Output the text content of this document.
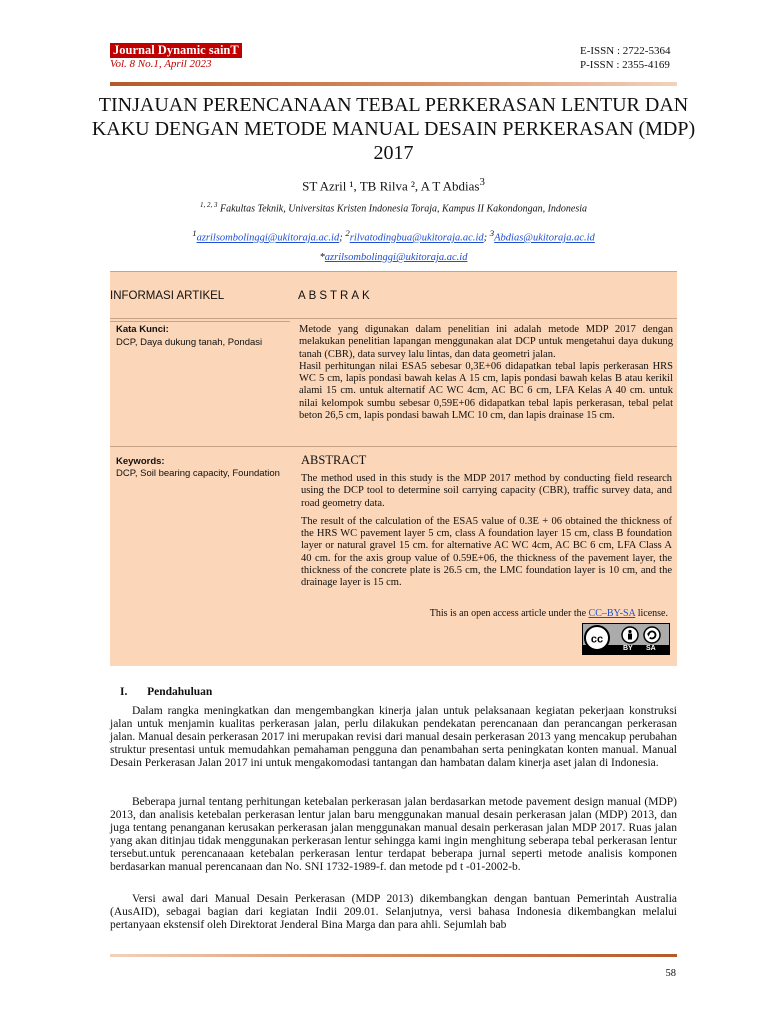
Journal Dynamic sainT
Vol. 8 No.1, April 2023
E-ISSN : 2722-5364
P-ISSN : 2355-4169
TINJAUAN PERENCANAAN TEBAL PERKERASAN LENTUR DAN KAKU DENGAN METODE MANUAL DESAIN PERKERASAN (MDP) 2017
ST Azril ¹, TB Rilva ², A T Abdias$^3$
$^{1, 2, 3}$ Fakultas Teknik, Universitas Kristen Indonesia Toraja, Kampus II Kakondongan, Indonesia
$^1$azrilsombolinggi@ukitoraja.ac.id; $^2$rilvatodingbua@ukitoraja.ac.id; $^3$Abdias@ukitoraja.ac.id
*azrilsombolinggi@ukitoraja.ac.id
INFORMASI ARTIKEL	ABSTRAK
Kata Kunci:
DCP, Daya dukung tanah, Pondasi
Metode yang digunakan dalam penelitian ini adalah metode MDP 2017 dengan melakukan penelitian lapangan menggunakan alat DCP untuk mengetahui daya dukung tanah (CBR), data survey lalu lintas, dan data geometri jalan.
Hasil perhitungan nilai ESA5 sebesar 0,3E+06 didapatkan tebal lapis perkerasan HRS WC 5 cm, lapis pondasi bawah kelas A 15 cm, lapis pondasi bawah kelas B atau kerikil alami 15 cm. untuk alternatif AC WC 4cm, AC BC 6 cm, LFA Kelas A 40 cm. untuk nilai kelompok sumbu sebesar 0,59E+06 didapatkan tebal lapis perkerasan, tebal pelat beton 26,5 cm, lapis pondasi bawah LMC 10 cm, dan lapis drainase 15 cm.
Keywords:
DCP, Soil bearing capacity, Foundation
ABSTRACT
The method used in this study is the MDP 2017 method by conducting field research using the DCP tool to determine soil carrying capacity (CBR), traffic survey data, and road geometry data.
The result of the calculation of the ESA5 value of 0.3E + 06 obtained the thickness of the HRS WC pavement layer 5 cm, class A foundation layer 15 cm, class B foundation layer or natural gravel 15 cm. for alternative AC WC 4cm, AC BC 6 cm, LFA Class A 40 cm. for the axis group value of 0.59E+06, the thickness of the pavement layer, the thickness of the concrete plate is 26.5 cm, the LMC foundation layer is 10 cm, and the drainage layer is 15 cm.
This is an open access article under the CC–BY-SA license.
cc
BY SA
I. Pendahuluan
Dalam rangka meningkatkan dan mengembangkan kinerja jalan untuk pelaksanaan kegiatan pekerjaan konstruksi jalan untuk menjamin kualitas perkerasan jalan, perlu dilakukan pendekatan perencanaan dan perancangan perkerasan jalan. Manual desain perkerasan 2017 ini merupakan revisi dari manual desain perkerasan 2013 yang mencakup perubahan struktur presentasi untuk memudahkan pemahaman pengguna dan penambahan serta peningkatan konten manual. Manual Desain Perkerasan Jalan 2017 ini untuk mengakomodasi tantangan dan hambatan dalam kinerja aset jalan di Indonesia.
Beberapa jurnal tentang perhitungan ketebalan perkerasan jalan berdasarkan metode pavement design manual (MDP) 2013, dan analisis ketebalan perkerasan lentur jalan baru menggunakan manual desain perkerasan jalan (MDP) 2013, dan juga tentang penanganan kerusakan perkerasan jalan menggunakan manual desain perkerasan jalan MDP 2017. Ruas jalan yang akan ditinjau tidak menggunakan perkerasan lentur sehingga kami ingin menghitung seberapa tebal perkerasan lentur tersebut.untuk perencanaaan ketebalan perkerasan lentur terdapat beberapa jurnal seperti metode analisis komponen berdasarkan manual perencanaan dan No. SNI 1732-1989-f. dan metode pd t -01-2002-b.
Versi awal dari Manual Desain Perkerasan (MDP 2013) dikembangkan dengan bantuan Pemerintah Australia (AusAID), sebagai bagian dari kegiatan Indii 209.01. Selanjutnya, versi bahasa Indonesia dikembangkan melalui pertanyaan ekstensif oleh Direktorat Jenderal Bina Marga dan para ahli. Sejumlah bab
58
